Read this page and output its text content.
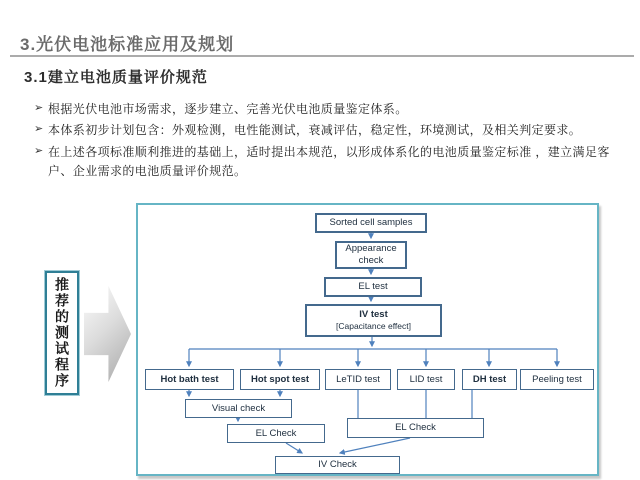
3.光伏电池标准应用及规划
3.1建立电池质量评价规范
➢ 根据光伏电池市场需求，逐步建立、完善光伏电池质量鉴定体系。
➢ 本体系初步计划包含：外观检测，电性能测试，衰减评估，稳定性，环境测试，及相关判定要求。
➢ 在上述各项标准顺利推进的基础上，适时提出本规范，以形成体系化的电池质量鉴定标准 ，建立满足客户、企业需求的电池质量评价规范。
推荐的测试程序
Sorted cell samples
Appearance check
EL test
IV test
[Capacitance effect]
Hot bath test	Hot spot test	LeTID test	LID test	DH test	Peeling test
Visual check
EL Check	EL Check
IV Check
